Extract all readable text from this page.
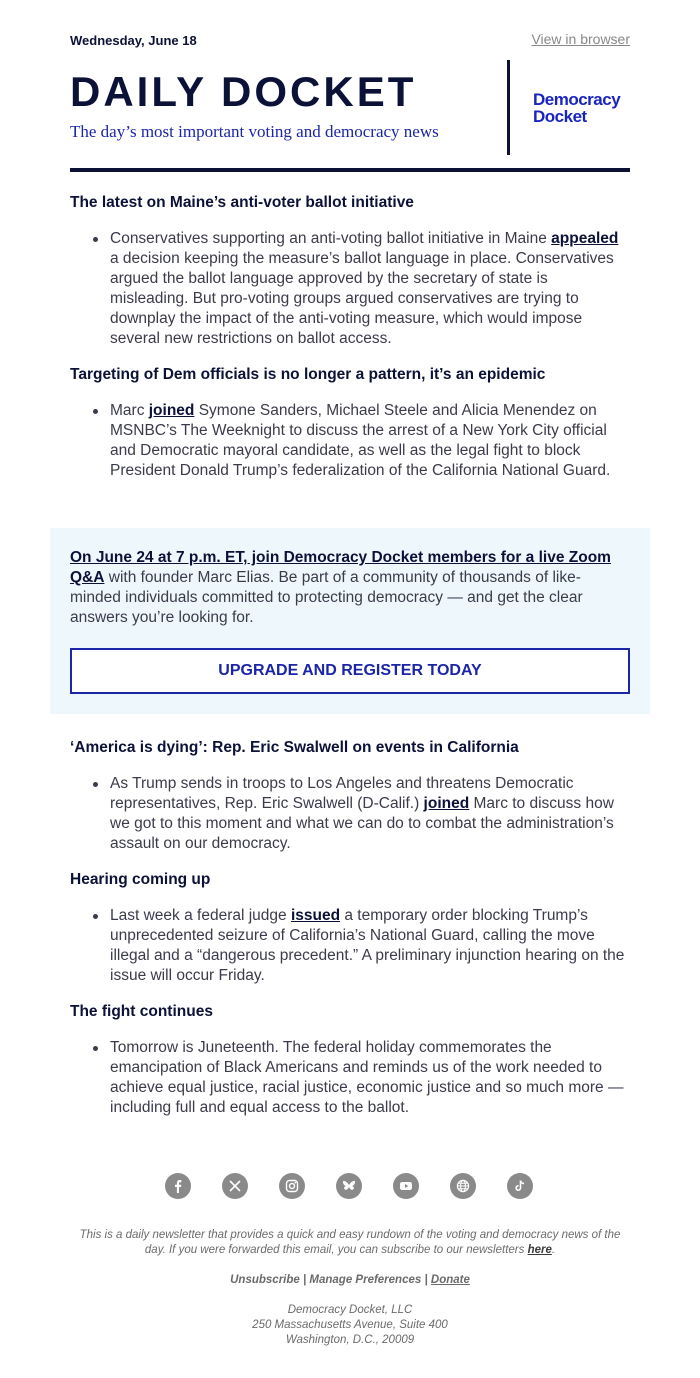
Wednesday, June 18	View in browser
DAILY DOCKET
The day’s most important voting and democracy news
Democracy
Docket
The latest on Maine’s anti-voter ballot initiative
Conservatives supporting an anti-voting ballot initiative in Maine appealed a decision keeping the measure’s ballot language in place. Conservatives argued the ballot language approved by the secretary of state is misleading. But pro-voting groups argued conservatives are trying to downplay the impact of the anti-voting measure, which would impose several new restrictions on ballot access.
Targeting of Dem officials is no longer a pattern, it’s an epidemic
Marc joined Symone Sanders, Michael Steele and Alicia Menendez on MSNBC’s The Weeknight to discuss the arrest of a New York City official and Democratic mayoral candidate, as well as the legal fight to block President Donald Trump’s federalization of the California National Guard.
On June 24 at 7 p.m. ET, join Democracy Docket members for a live Zoom Q&A with founder Marc Elias. Be part of a community of thousands of like-minded individuals committed to protecting democracy — and get the clear answers you’re looking for.
UPGRADE AND REGISTER TODAY
‘America is dying’: Rep. Eric Swalwell on events in California
As Trump sends in troops to Los Angeles and threatens Democratic representatives, Rep. Eric Swalwell (D-Calif.) joined Marc to discuss how we got to this moment and what we can do to combat the administration’s assault on our democracy.
Hearing coming up
Last week a federal judge issued a temporary order blocking Trump’s unprecedented seizure of California’s National Guard, calling the move illegal and a “dangerous precedent.” A preliminary injunction hearing on the issue will occur Friday.
The fight continues
Tomorrow is Juneteenth. The federal holiday commemorates the emancipation of Black Americans and reminds us of the work needed to achieve equal justice, racial justice, economic justice and so much more — including full and equal access to the ballot.
This is a daily newsletter that provides a quick and easy rundown of the voting and democracy news of the day. If you were forwarded this email, you can subscribe to our newsletters here.
Unsubscribe | Manage Preferences | Donate
Democracy Docket, LLC
250 Massachusetts Avenue, Suite 400
Washington, D.C., 20009
